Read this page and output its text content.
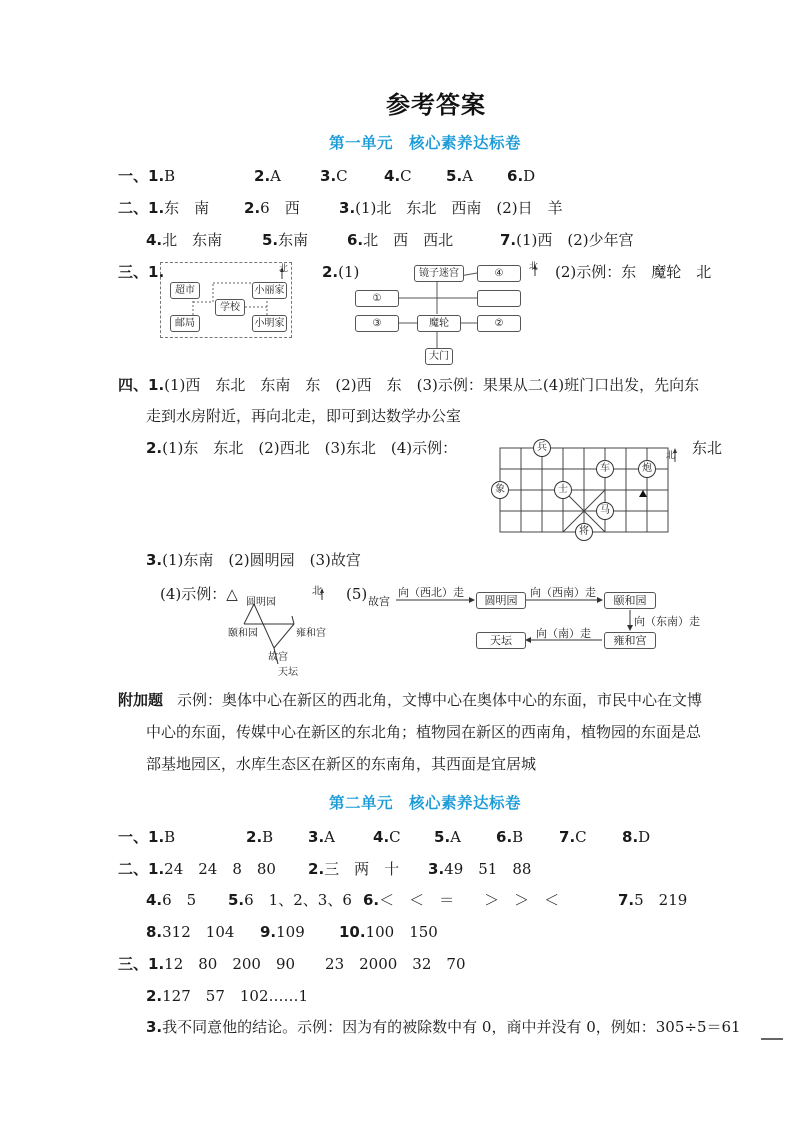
参考答案
第一单元　核心素养达标卷
一、1.B	2.A	3.C 4.C 5.A 6.D
二、1.东　南 2.6　西	3.(1)北　东北　西南　(2)日　羊
4.北　东南	5.东南	6.北　西　西北	7.(1)西　(2)少年宫
三、1.	北
超市
学校
小丽家
邮局	小明家
2.(1)	北
镜子迷宫	④
①
③	魔轮	②
大门
(2)示例：东　魔轮　北
四、1.(1)西　东北　东南　东　(2)西　东　(3)示例：果果从二(4)班门口出发，先向东
走到水房附近，再向北走，即可到达数学办公室
2.(1)东　东北　(2)西北　(3)东北　(4)示例：	北
兵
车	炮
象	士
马
将
东北
3.(1)东南　(2)圆明园　(3)故宫
(4)示例：△	北
圆明园
颐和园	雍和宫
故宫
天坛
(5) 故宫
向（西北）走
圆明园
向（西南）走
颐和园
向（东南）走
雍和宫
向（南）走
天坛
附加题 示例：奥体中心在新区的西北角，文博中心在奥体中心的东面，市民中心在文博
中心的东面，传媒中心在新区的东北角；植物园在新区的西南角，植物园的东面是总
部基地园区，水库生态区在新区的东南角，其西面是宜居城
第二单元　核心素养达标卷
一、1.B	2.B 3.A	4.C 5.A 6.B 7.C 8.D
二、1.24　24　8　80 2.三　两　十 3.49　51　88
4.6　5 5.6　1、2、3、6 6.＜　＜　＝　　＞　＞　＜	7.5　219
8.312　104 9.109 10.100　150
三、1.12　80　200　90　　23　2000　32　70
2.127　57　102……1
3.我不同意他的结论。示例：因为有的被除数中有 0，商中并没有 0，例如：305÷5＝61
